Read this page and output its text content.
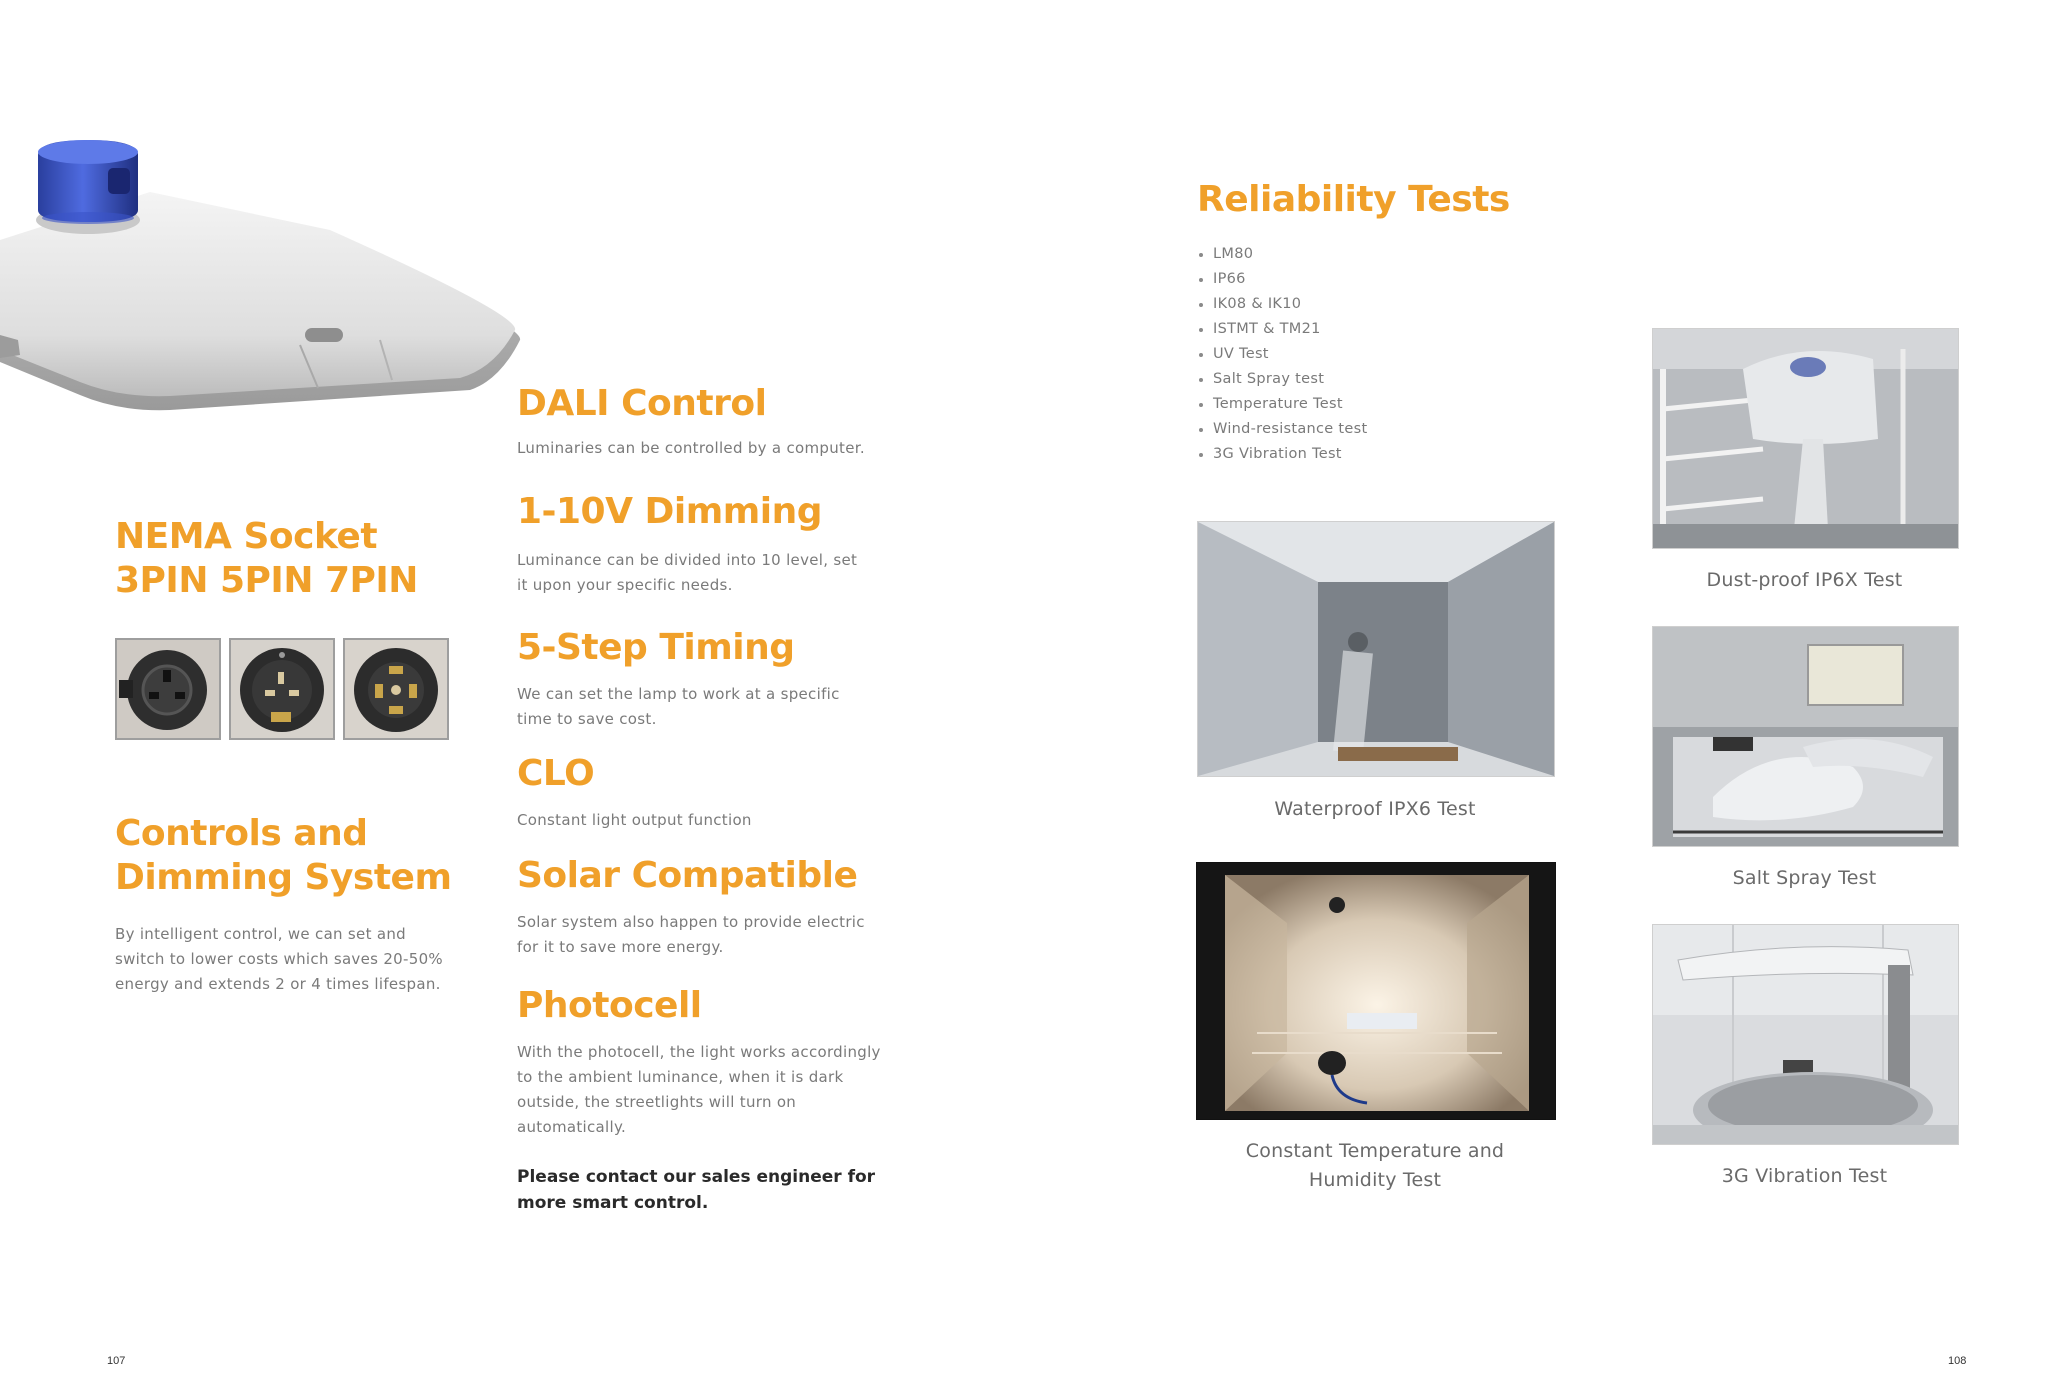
NEMA Socket
3PIN 5PIN 7PIN
Controls and
Dimming System

By intelligent control, we can set and switch to lower costs which saves 20-50% energy and extends 2 or 4 times lifespan.

DALI Control

Luminaries can be controlled by a computer.

1-10V Dimming

Luminance can be divided into 10 level, set it upon your specific needs.

5-Step Timing

We can set the lamp to work at a specific time to save cost.

CLO

Constant light output function

Solar Compatible

Solar system also happen to provide electric for it to save more energy.

Photocell

With the photocell, the light works accordingly to the ambient luminance, when it is dark outside, the streetlights will turn on automatically.

Please contact our sales engineer for
more smart control.
107
Reliability Tests
LM80
IP66
IK08 & IK10
ISTMT & TM21
UV Test
Salt Spray test
Temperature Test
Wind-resistance test
3G Vibration Test
Waterproof IPX6 Test
Constant Temperature and
Humidity Test
Dust-proof IP6X Test
Salt Spray Test
3G Vibration Test
108
